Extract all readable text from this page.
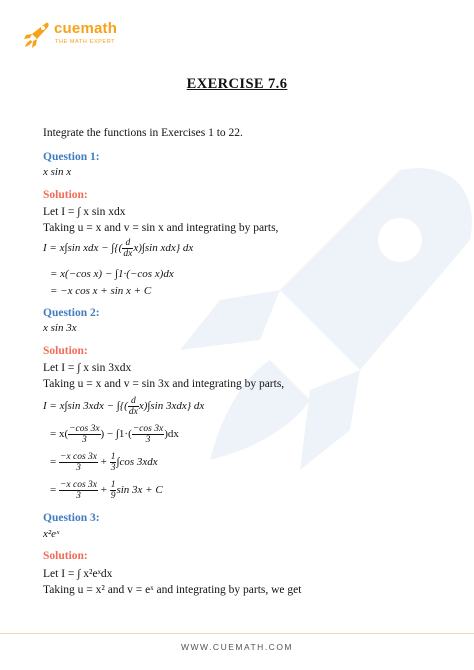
cuemath
THE MATH EXPERT
EXERCISE 7.6
Integrate the functions in Exercises 1 to 22.
Question 1:
x sin x
Solution:
Let I = ∫ x sin xdx
Taking u = x and v = sin x and integrating by parts,
I = x∫sin xdx − ∫{( $\frac{d}{dx} x)\int\sin$ xdx} dx
= x(−cos x) − ∫1·(−cos x)dx
= −x cos x + sin x + C
Question 2:
x sin 3x
Solution:
Let I = ∫ x sin 3xdx
Taking u = x and v = sin 3x and integrating by parts,
I = x∫sin 3xdx − ∫{( $\frac{d}{dx} x)\int\sin$ 3xdx} dx
= $x( \frac{-\cos 3x}{3}$ ) − $\int 1\cdot( \frac{-\cos 3x}{3} )dx$
= $\frac{\text{−x cos 3x}}{3} + \frac{1}{3} \int\cos$ 3xdx
= $\frac{\text{−x cos 3x}}{3} + \frac{1}{9}$ sin 3x + C
Question 3:
x²eˣ
Solution:
Let I = ∫ x²eˣdx
Taking u = x² and v = eˣ and integrating by parts, we get
WWW.CUEMATH.COM
